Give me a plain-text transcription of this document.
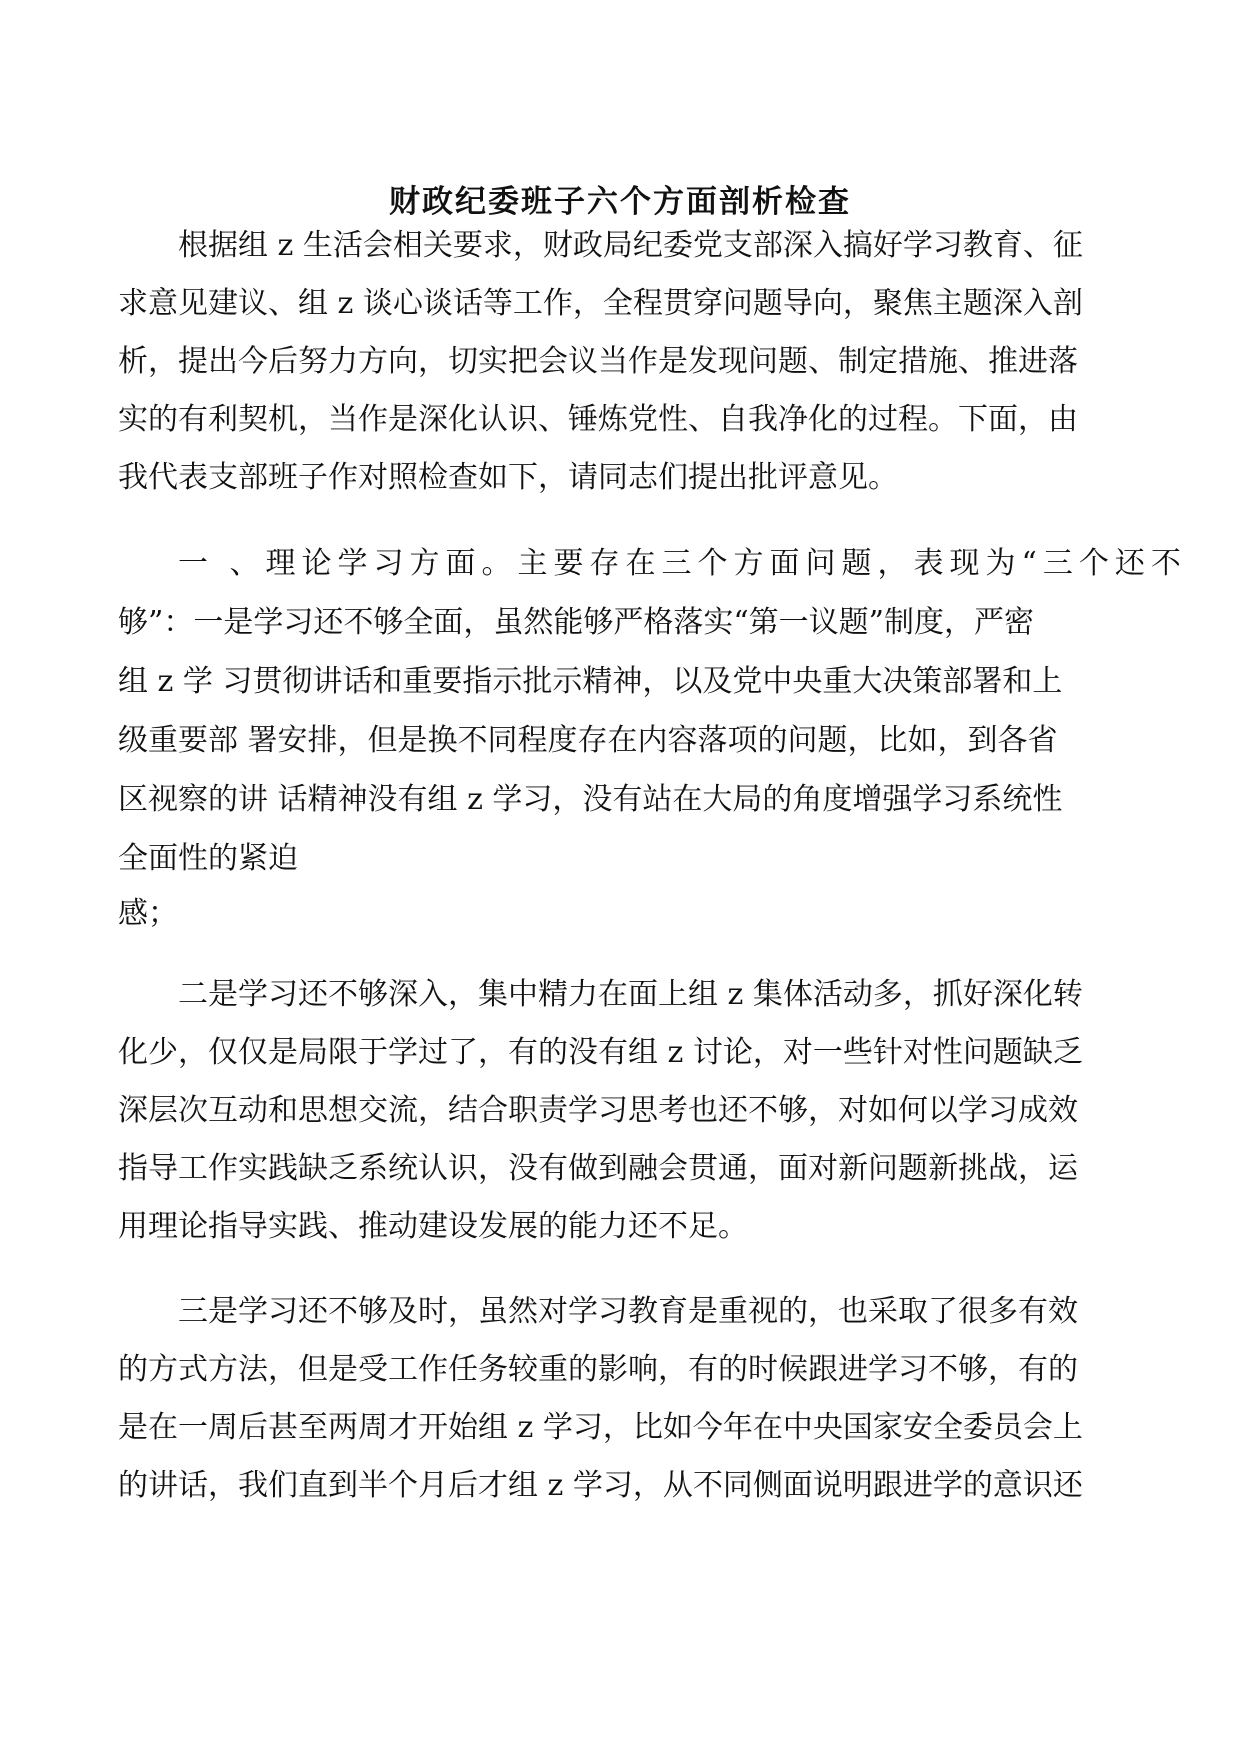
财政纪委班子六个方面剖析检查
根据组 z 生活会相关要求，财政局纪委党支部深入搞好学习教育、征
求意见建议、组 z 谈心谈话等工作，全程贯穿问题导向，聚焦主题深入剖
析，提出今后努力方向，切实把会议当作是发现问题、制定措施、推进落
实的有利契机，当作是深化认识、锤炼党性、自我净化的过程。下面，由
我代表支部班子作对照检查如下，请同志们提出批评意见。
一 、理论学习方面。主要存在三个方面问题，表现为“三个还不
够”：一是学习还不够全面，虽然能够严格落实“第一议题”制度，严密
组 z 学 习贯彻讲话和重要指示批示精神，以及党中央重大决策部署和上
级重要部 署安排，但是换不同程度存在内容落项的问题，比如，到各省
区视察的讲 话精神没有组 z 学习，没有站在大局的角度增强学习系统性
全面性的紧迫
感；
二是学习还不够深入，集中精力在面上组 z 集体活动多，抓好深化转
化少，仅仅是局限于学过了，有的没有组 z 讨论，对一些针对性问题缺乏
深层次互动和思想交流，结合职责学习思考也还不够，对如何以学习成效
指导工作实践缺乏系统认识，没有做到融会贯通，面对新问题新挑战，运
用理论指导实践、推动建设发展的能力还不足。
三是学习还不够及时，虽然对学习教育是重视的，也采取了很多有效
的方式方法，但是受工作任务较重的影响，有的时候跟进学习不够，有的
是在一周后甚至两周才开始组 z 学习，比如今年在中央国家安全委员会上
的讲话，我们直到半个月后才组 z 学习，从不同侧面说明跟进学的意识还
